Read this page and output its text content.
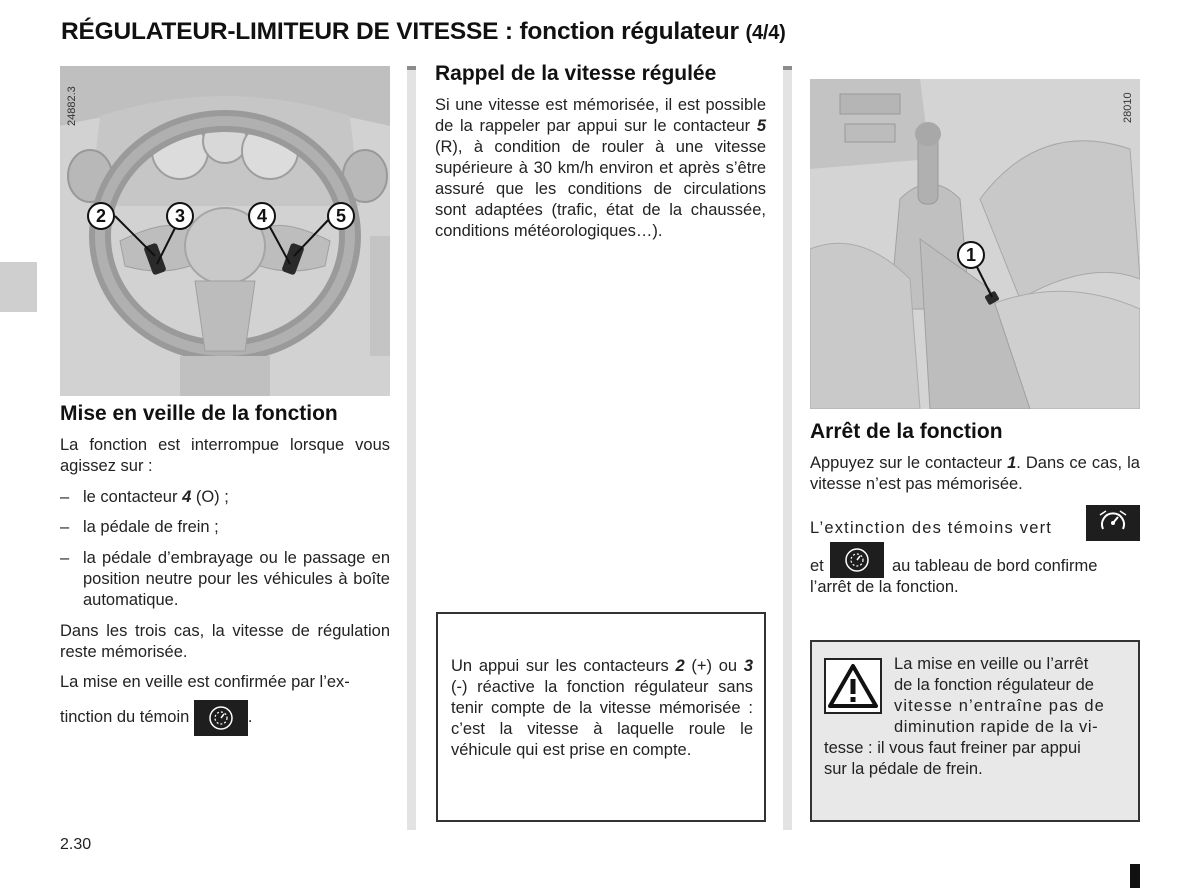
RÉGULATEUR-LIMITEUR DE VITESSE : fonction régulateur (4/4)
24882.3
2	3	4	5
Mise en veille de la fonction
La fonction est interrompue lorsque vous agissez sur :
– le contacteur 4 (O) ;
– la pédale de frein ;
– la pédale d’embrayage ou le passage en position neutre pour les véhicules à boîte automatique.
Dans les trois cas, la vitesse de régulation reste mémorisée.
La mise en veille est confirmée par l’ex-
tinction du témoin	.
Rappel de la vitesse régulée
Si une vitesse est mémorisée, il est possible de la rappeler par appui sur le contacteur 5 (R), à condition de rouler à une vitesse supérieure à 30 km/h environ et après s’être assuré que les conditions de circulations sont adaptées (trafic, état de la chaussée, conditions météorologiques…).
Un appui sur les contacteurs 2 (+) ou 3 (-) réactive la fonction régulateur sans tenir compte de la vitesse mémorisée : c’est la vitesse à laquelle roule le véhicule qui est prise en compte.
28010
1
Arrêt de la fonction
Appuyez sur le contacteur 1. Dans ce cas, la vitesse n’est pas mémorisée.
L’extinction des témoins vert
et	au tableau de bord confirme
l’arrêt de la fonction.
La mise en veille ou l’arrêt
de la fonction régulateur de
vitesse n’entraîne pas de
diminution rapide de la vi-
tesse : il vous faut freiner par appui
sur la pédale de frein.
2.30
